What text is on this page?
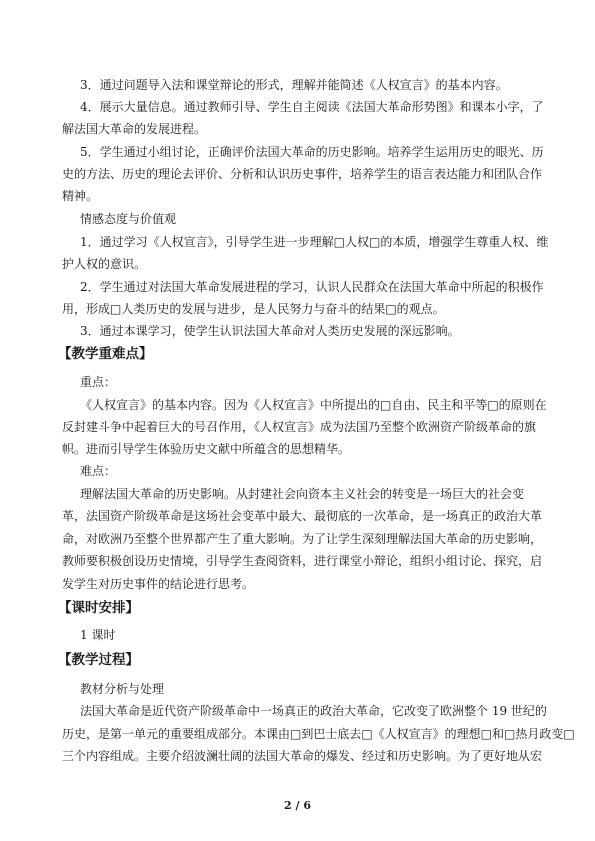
3．通过问题导入法和课堂辩论的形式，理解并能简述《人权宣言》的基本内容。
4．展示大量信息。通过教师引导、学生自主阅读《法国大革命形势图》和课本小字，了
解法国大革命的发展进程。
5．学生通过小组讨论，正确评价法国大革命的历史影响。培养学生运用历史的眼光、历
史的方法、历史的理论去评价、分析和认识历史事件，培养学生的语言表达能力和团队合作
精神。
情感态度与价值观
1．通过学习《人权宣言》，引导学生进一步理解□人权□的本质，增强学生尊重人权、维
护人权的意识。
2．学生通过对法国大革命发展进程的学习，认识人民群众在法国大革命中所起的积极作
用，形成□人类历史的发展与进步，是人民努力与奋斗的结果□的观点。
3．通过本课学习，使学生认识法国大革命对人类历史发展的深远影响。
【教学重难点】
重点：
《人权宣言》的基本内容。因为《人权宣言》中所提出的□自由、民主和平等□的原则在
反封建斗争中起着巨大的号召作用，《人权宣言》成为法国乃至整个欧洲资产阶级革命的旗
帜。进而引导学生体验历史文献中所蕴含的思想精华。
难点：
理解法国大革命的历史影响。从封建社会向资本主义社会的转变是一场巨大的社会变
革，法国资产阶级革命是这场社会变革中最大、最彻底的一次革命，是一场真正的政治大革
命，对欧洲乃至整个世界都产生了重大影响。为了让学生深刻理解法国大革命的历史影响，
教师要积极创设历史情境，引导学生查阅资料，进行课堂小辩论，组织小组讨论、探究，启
发学生对历史事件的结论进行思考。
【课时安排】
1 课时
【教学过程】
教材分析与处理
法国大革命是近代资产阶级革命中一场真正的政治大革命，它改变了欧洲整个 19 世纪的
历史，是第一单元的重要组成部分。本课由□到巴士底去□《人权宣言》的理想□和□热月政变□
三个内容组成。主要介绍波澜壮阔的法国大革命的爆发、经过和历史影响。为了更好地从宏
2 / 6
